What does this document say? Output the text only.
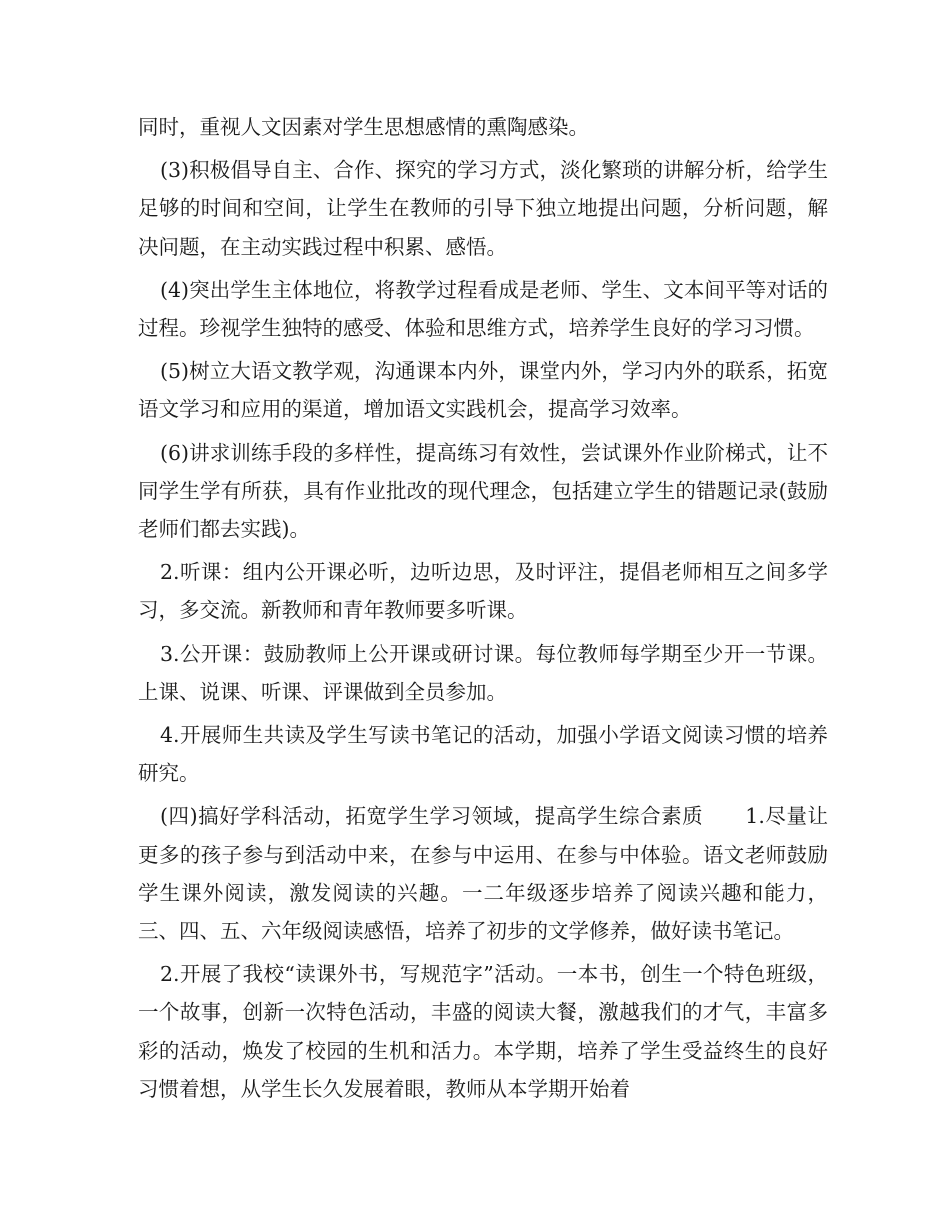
同时，重视人文因素对学生思想感情的熏陶感染。

(3)积极倡导自主、合作、探究的学习方式，淡化繁琐的讲解分析，给学生足够的时间和空间，让学生在教师的引导下独立地提出问题，分析问题，解决问题，在主动实践过程中积累、感悟。

(4)突出学生主体地位，将教学过程看成是老师、学生、文本间平等对话的过程。珍视学生独特的感受、体验和思维方式，培养学生良好的学习习惯。

(5)树立大语文教学观，沟通课本内外，课堂内外，学习内外的联系，拓宽语文学习和应用的渠道，增加语文实践机会，提高学习效率。

(6)讲求训练手段的多样性，提高练习有效性，尝试课外作业阶梯式，让不同学生学有所获，具有作业批改的现代理念，包括建立学生的错题记录(鼓励老师们都去实践)。

2.听课：组内公开课必听，边听边思，及时评注，提倡老师相互之间多学习，多交流。新教师和青年教师要多听课。

3.公开课：鼓励教师上公开课或研讨课。每位教师每学期至少开一节课。上课、说课、听课、评课做到全员参加。

4.开展师生共读及学生写读书笔记的活动，加强小学语文阅读习惯的培养研究。

(四)搞好学科活动，拓宽学生学习领域，提高学生综合素质　　1.尽量让更多的孩子参与到活动中来，在参与中运用、在参与中体验。语文老师鼓励学生课外阅读，激发阅读的兴趣。一二年级逐步培养了阅读兴趣和能力，三、四、五、六年级阅读感悟，培养了初步的文学修养，做好读书笔记。

2.开展了我校“读课外书，写规范字”活动。一本书，创生一个特色班级，一个故事，创新一次特色活动，丰盛的阅读大餐，激越我们的才气，丰富多彩的活动，焕发了校园的生机和活力。本学期，培养了学生受益终生的良好习惯着想，从学生长久发展着眼，教师从本学期开始着
